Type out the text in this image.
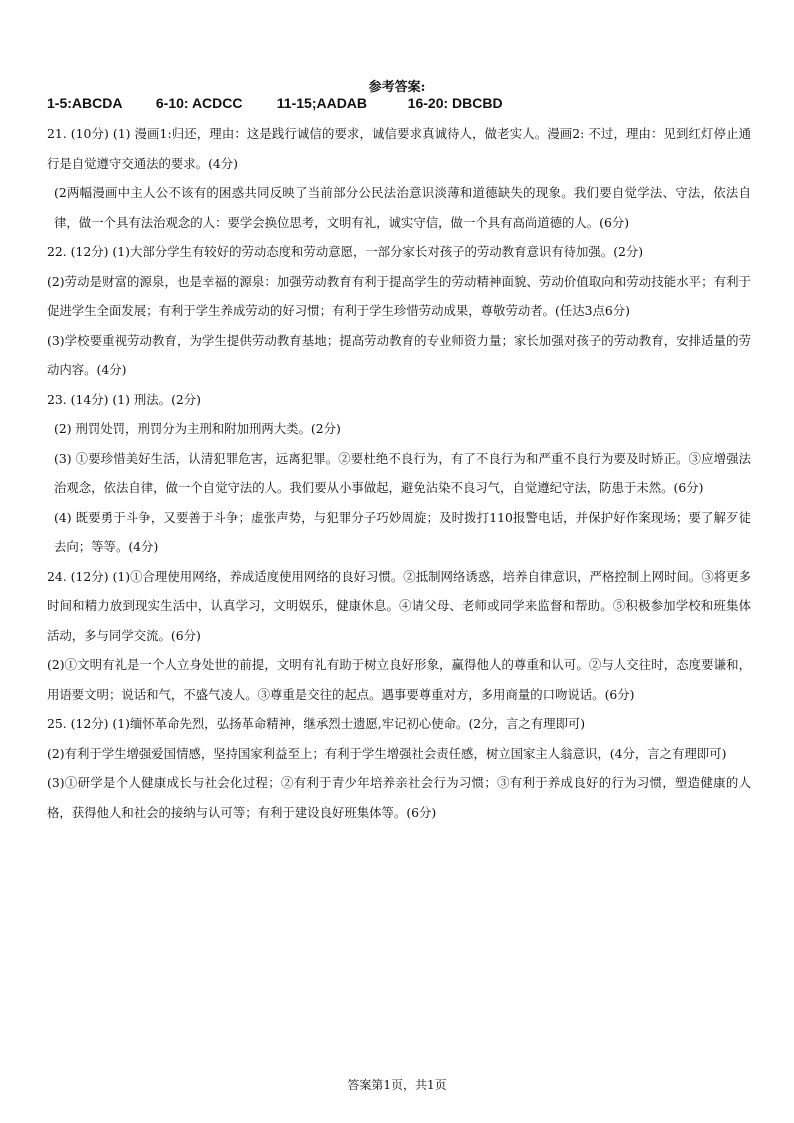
参考答案:
1-5:ABCDA 6-10: ACDCC 11-15;AADAB	16-20: DBCBD

21. (10分) (1) 漫画1:归还，理由：这是践行诚信的要求，诚信要求真诚待人，做老实人。漫画2: 不过，理由：见到红灯停止通行是自觉遵守交通法的要求。(4分)

(2两幅漫画中主人公不该有的困惑共同反映了当前部分公民法治意识淡薄和道德缺失的现象。我们要自觉学法、守法，依法自律，做一个具有法治观念的人：要学会换位思考，文明有礼，诚实守信，做一个具有高尚道德的人。(6分)

22. (12分) (1)大部分学生有较好的劳动态度和劳动意愿，一部分家长对孩子的劳动教育意识有待加强。(2分)

(2)劳动是财富的源泉，也是幸福的源泉：加强劳动教育有利于提高学生的劳动精神面貌、劳动价值取向和劳动技能水平；有利于促进学生全面发展；有利于学生养成劳动的好习惯；有利于学生珍惜劳动成果，尊敬劳动者。(任达3点6分)

(3)学校要重视劳动教育，为学生提供劳动教育基地；提高劳动教育的专业师资力量；家长加强对孩子的劳动教育，安排适量的劳动内容。(4分)

23. (14分) (1) 刑法。(2分)

(2) 刑罚处罚，刑罚分为主刑和附加刑两大类。(2分)

(3) ①要珍惜美好生活，认清犯罪危害，远离犯罪。②要杜绝不良行为，有了不良行为和严重不良行为要及时矫正。③应增强法治观念，依法自律，做一个自觉守法的人。我们要从小事做起，避免沾染不良习气，自觉遵纪守法，防患于未然。(6分)

(4) 既要勇于斗争，又要善于斗争；虚张声势，与犯罪分子巧妙周旋；及时拨打110报警电话，并保护好作案现场；要了解歹徒去向；等等。(4分)

24. (12分) (1)①合理使用网络，养成适度使用网络的良好习惯。②抵制网络诱惑，培养自律意识，严格控制上网时间。③将更多时间和精力放到现实生活中，认真学习，文明娱乐，健康休息。④请父母、老师或同学来监督和帮助。⑤积极参加学校和班集体活动，多与同学交流。(6分)

(2)①文明有礼是一个人立身处世的前提，文明有礼有助于树立良好形象，赢得他人的尊重和认可。②与人交往时，态度要谦和，用语要文明；说话和气，不盛气凌人。③尊重是交往的起点。遇事要尊重对方，多用商量的口吻说话。(6分)

25. (12分) (1)缅怀革命先烈，弘扬革命精神，继承烈士遗愿,牢记初心使命。(2分，言之有理即可)

(2)有利于学生增强爱国情感，坚持国家利益至上；有利于学生增强社会责任感，树立国家主人翁意识，(4分，言之有理即可)

(3)①研学是个人健康成长与社会化过程；②有利于青少年培养亲社会行为习惯；③有利于养成良好的行为习惯，塑造健康的人格，获得他人和社会的接纳与认可等；有利于建设良好班集体等。(6分)

答案第1页，共1页
